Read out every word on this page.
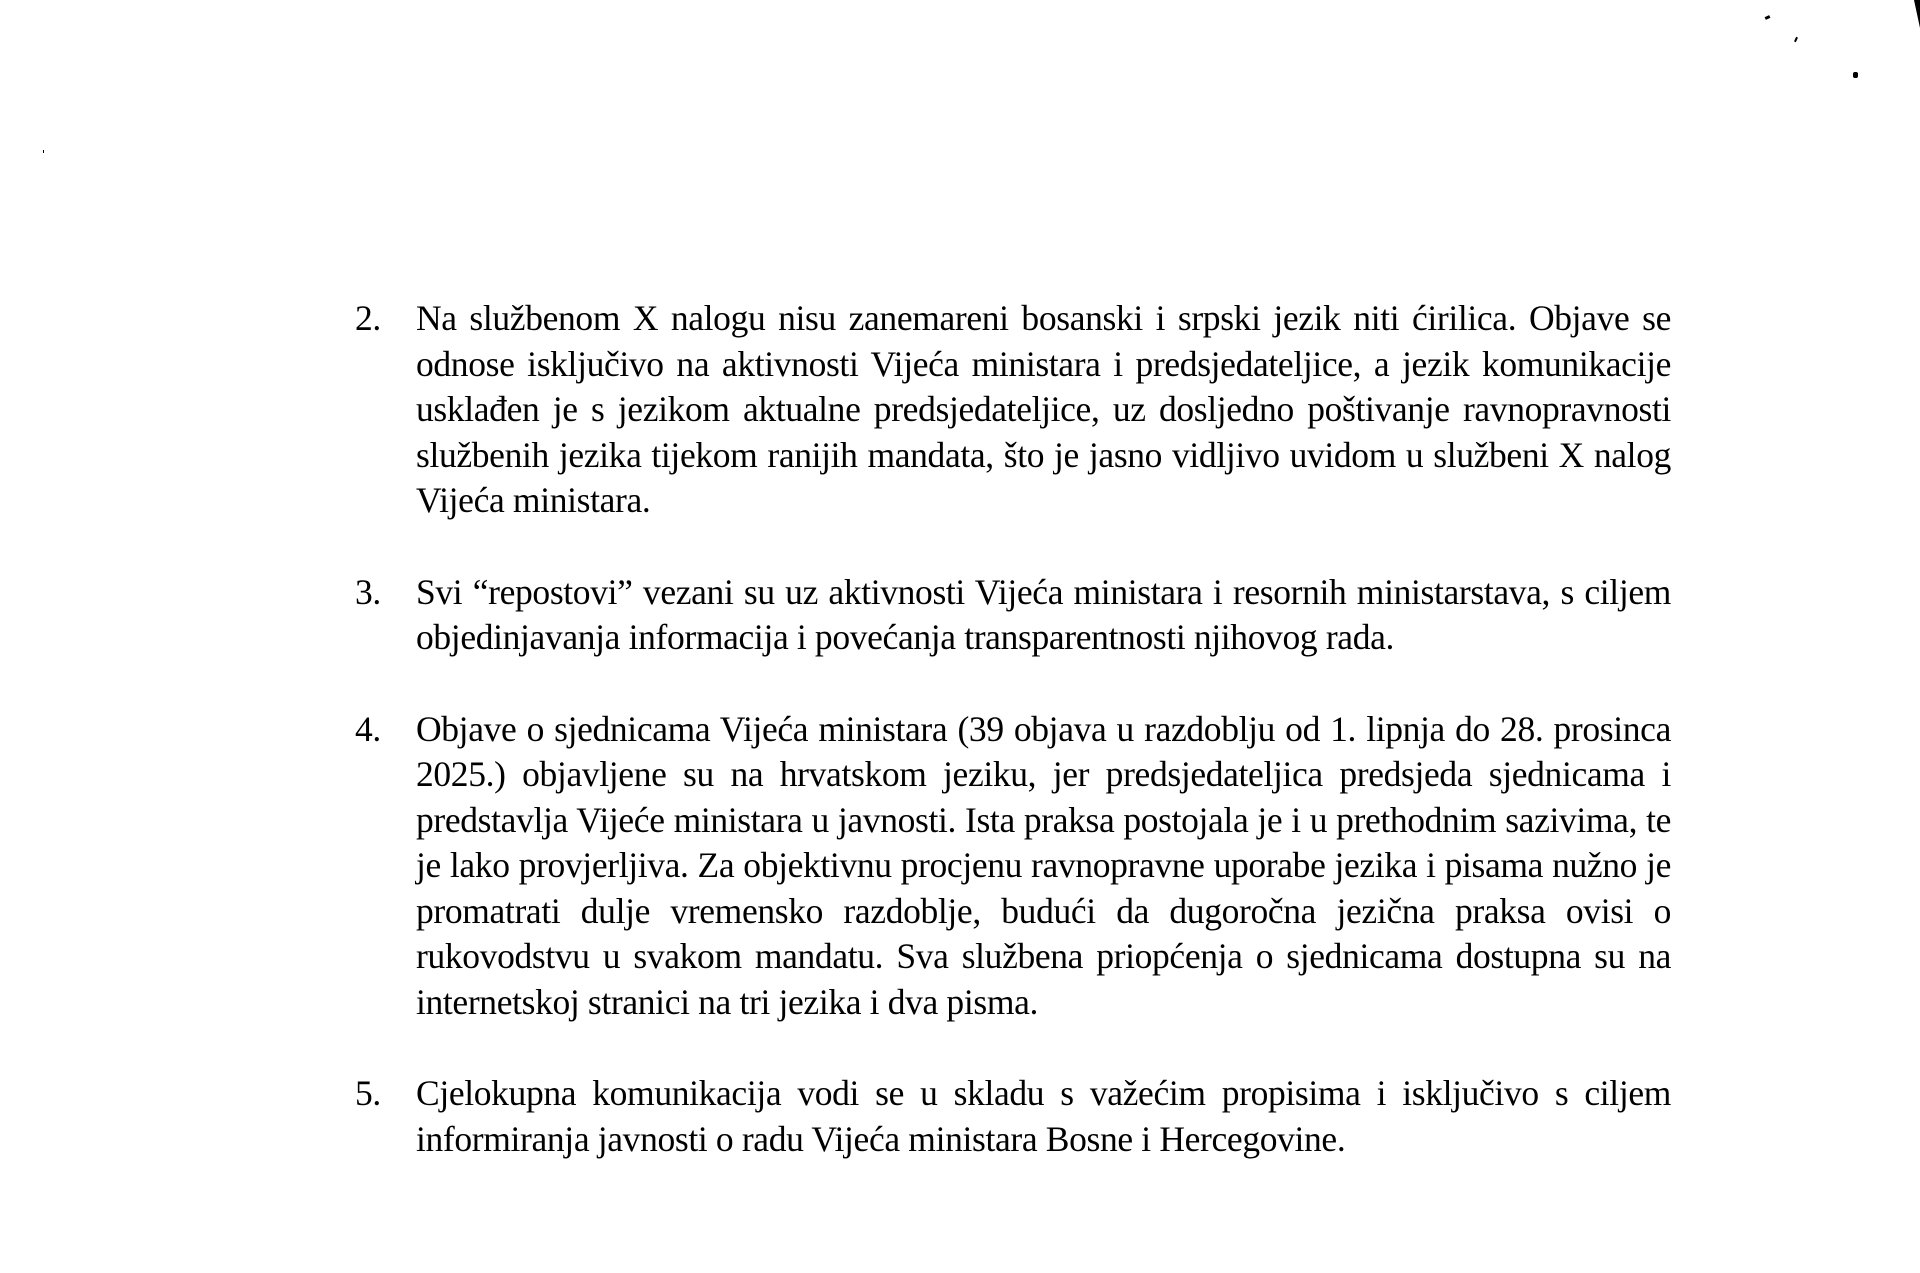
2. Na službenom X nalogu nisu zanemareni bosanski i srpski jezik niti ćirilica. Objave se odnose isključivo na aktivnosti Vijeća ministara i predsjedateljice, a jezik komunikacije usklađen je s jezikom aktualne predsjedateljice, uz dosljedno poštivanje ravnopravnosti službenih jezika tijekom ranijih mandata, što je jasno vidljivo uvidom u službeni X nalog Vijeća ministara.
3. Svi “repostovi” vezani su uz aktivnosti Vijeća ministara i resornih ministarstava, s ciljem objedinjavanja informacija i povećanja transparentnosti njihovog rada.
4. Objave o sjednicama Vijeća ministara (39 objava u razdoblju od 1. lipnja do 28. prosinca 2025.) objavljene su na hrvatskom jeziku, jer predsjedateljica predsjeda sjednicama i predstavlja Vijeće ministara u javnosti. Ista praksa postojala je i u prethodnim sazivima, te je lako provjerljiva. Za objektivnu procjenu ravnopravne uporabe jezika i pisama nužno je promatrati dulje vremensko razdoblje, budući da dugoročna jezična praksa ovisi o rukovodstvu u svakom mandatu. Sva službena priopćenja o sjednicama dostupna su na internetskoj stranici na tri jezika i dva pisma.
5. Cjelokupna komunikacija vodi se u skladu s važećim propisima i isključivo s ciljem informiranja javnosti o radu Vijeća ministara Bosne i Hercegovine.
